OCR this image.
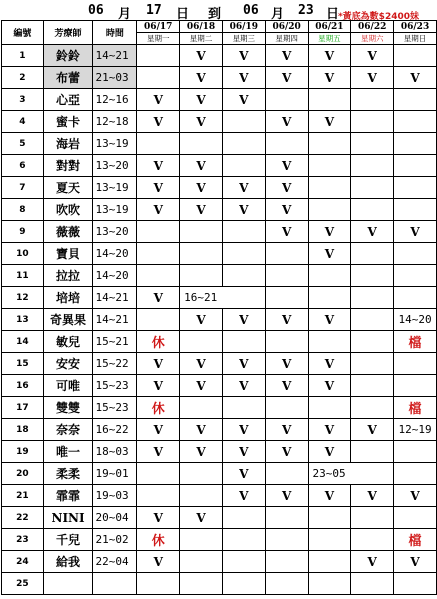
06 月 17 日 到 06 月 23 日
*黃底為數$2400妹
編號	芳療師	時間	06/17	06/18	06/19	06/20	06/21	06/22	06/23
			星期一	星期二	星期三	星期四	星期五	星期六	星期日
1	鈴鈴	14~21		V	V	V	V	V	
2	布蕾	21~03		V	V	V	V	V	V
3	心亞	12~16	V	V	V				
4	蜜卡	12~18	V	V		V	V		
5	海岩	13~19							
6	對對	13~20	V	V		V			
7	夏天	13~19	V	V	V	V			
8	吹吹	13~19	V	V	V	V			
9	薇薇	13~20				V	V	V	V
10	寶貝	14~20					V		
11	拉拉	14~20							
12	培培	14~21	V	16~21					
13	奇異果	14~21		V	V	V	V		14~20
14	敏兒	15~21	休						檔
15	安安	15~22	V	V	V	V	V		
16	可唯	15~23	V	V	V	V	V		
17	雙雙	15~23	休						檔
18	奈奈	16~22	V	V	V	V	V	V	12~19
19	唯一	18~03	V	V	V	V	V		
20	柔柔	19~01			V		23~05		
21	霏霏	19~03			V	V	V	V	V
22	NINI	20~04	V	V					
23	千兒	21~02	休						檔
24	給我	22~04	V					V	V
25									
